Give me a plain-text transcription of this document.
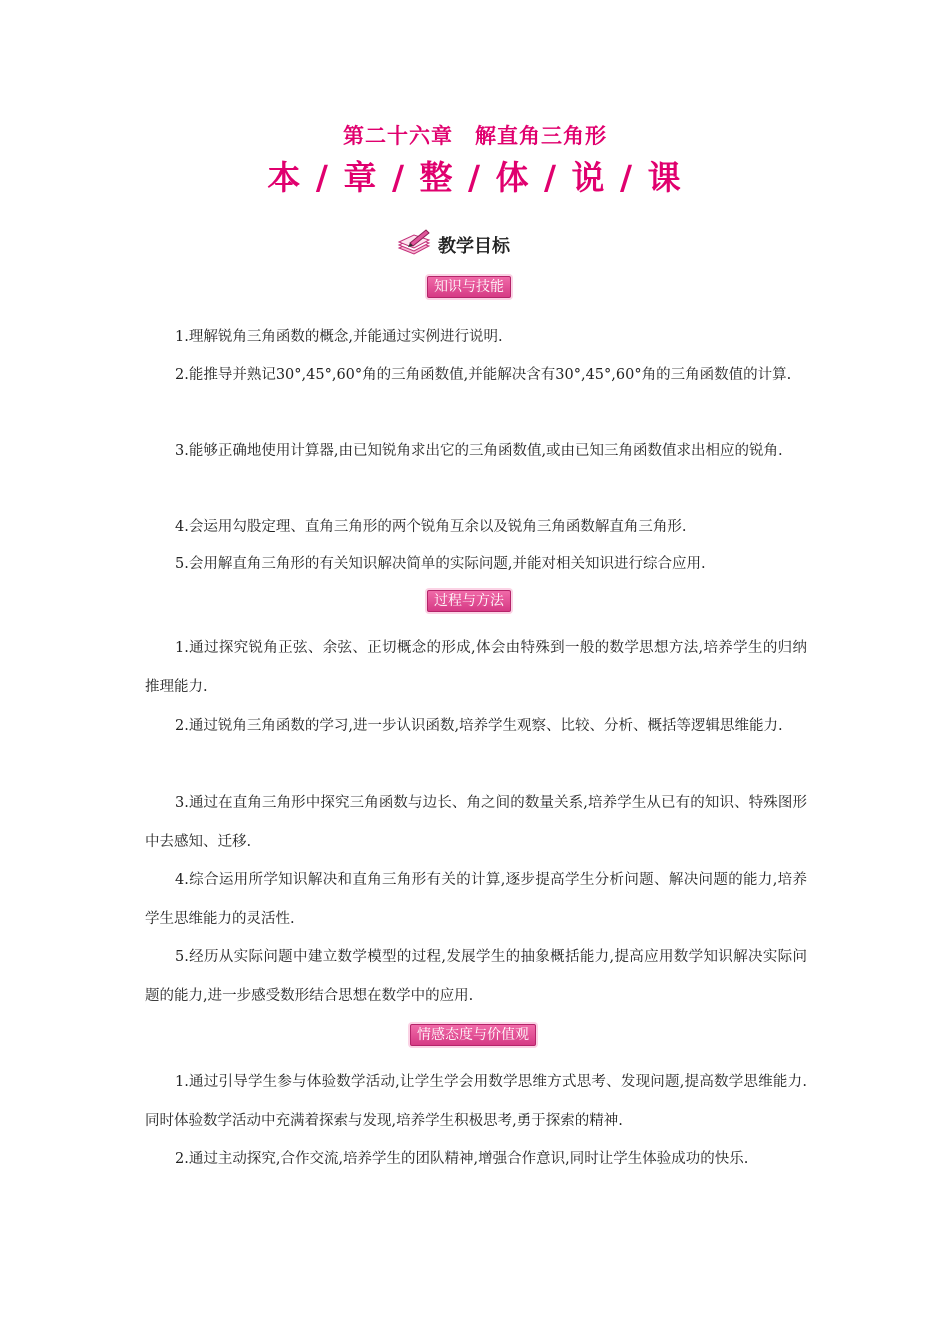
第二十六章　解直角三角形
本 / 章 / 整 / 体 / 说 / 课
教学目标
知识与技能

1.理解锐角三角函数的概念,并能通过实例进行说明.

2.能推导并熟记30°,45°,60°角的三角函数值,并能解决含有30°,45°,60°角的三角函数值的计算.

3.能够正确地使用计算器,由已知锐角求出它的三角函数值,或由已知三角函数值求出相应的锐角.

4.会运用勾股定理、直角三角形的两个锐角互余以及锐角三角函数解直角三角形.

5.会用解直角三角形的有关知识解决简单的实际问题,并能对相关知识进行综合应用.

过程与方法

1.通过探究锐角正弦、余弦、正切概念的形成,体会由特殊到一般的数学思想方法,培养学生的归纳推理能力.

2.通过锐角三角函数的学习,进一步认识函数,培养学生观察、比较、分析、概括等逻辑思维能力.

3.通过在直角三角形中探究三角函数与边长、角之间的数量关系,培养学生从已有的知识、特殊图形中去感知、迁移.

4.综合运用所学知识解决和直角三角形有关的计算,逐步提高学生分析问题、解决问题的能力,培养学生思维能力的灵活性.

5.经历从实际问题中建立数学模型的过程,发展学生的抽象概括能力,提高应用数学知识解决实际问题的能力,进一步感受数形结合思想在数学中的应用.

情感态度与价值观

1.通过引导学生参与体验数学活动,让学生学会用数学思维方式思考、发现问题,提高数学思维能力.同时体验数学活动中充满着探索与发现,培养学生积极思考,勇于探索的精神.

2.通过主动探究,合作交流,培养学生的团队精神,增强合作意识,同时让学生体验成功的快乐.
